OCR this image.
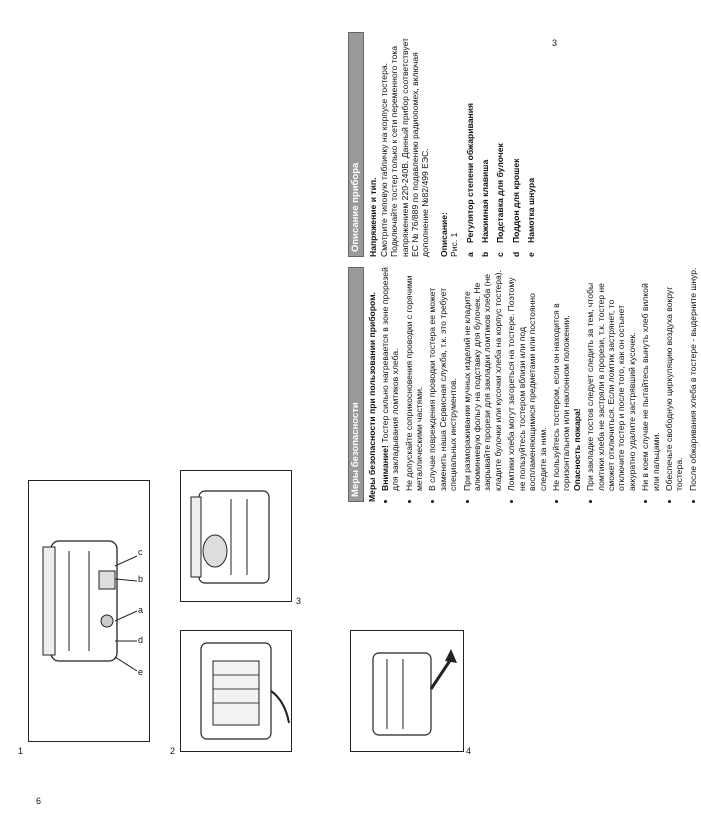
6
3
c
b
a
d
e
1	2
3
4
Меры безопасности Меры безопасности при пользовании прибором. • Внимание! Тостер сильно нагревается в зоне прорезей для закладывания ломтиков хлеба. • Не допускайте соприкосновения проводки с горячими металлическими частями. • В случае повреждения проводки тостера ее может заменить наша Сервисная служба, т.к. это требует специальных инструментов. • При размораживании мучных изделий не кладите алюминиевую фольгу на подставку для булочек. Не закрывайте прорези для закладки ломтиков хлеба (не кладите булочки или кусочки хлеба на корпус тостера). • Ломтики хлеба могут загореться на тостере. Поэтому не пользуйтесь тостером вблизи или под воспламеняющимися предметами или постоянно следите за ним. • Не пользуйтесь тостером, если он находится в горизонтальном или наклонном положении. Опасность пожара! • При закладке тостов следует следить за тем, чтобы ломтики хлеба не застряли в прорези, т.к. тостер не сможет отключиться. Если ломтик застрянет, то отключите тостер и после того, как он остынет аккуратно удалите застрявший кусочек. • Ни в коем случае не пытайтесь вынуть хлеб вилкой или пальцами. • Обеспечьте свободную циркуляцию воздуха вокруг тостера. • После обжаривания хлеба в тостере - выдерните шнур.
Описание прибора Напряжение и тип. Смотрите типовую табличку на корпусе тостера. Подключайте тостер только к сети переменного тока напряжением 220-240В. Данный прибор соответствует ЕС № 76/889 по подавлению радиопомех, включая дополнение №82/499 ЕЭС. Описание: Рис. 1 a
Регулятор степени обжаривания
b
Нажимная клавиша
c
Подставка для булочек
d
Поддон для крошек
e
Намотка шнура
